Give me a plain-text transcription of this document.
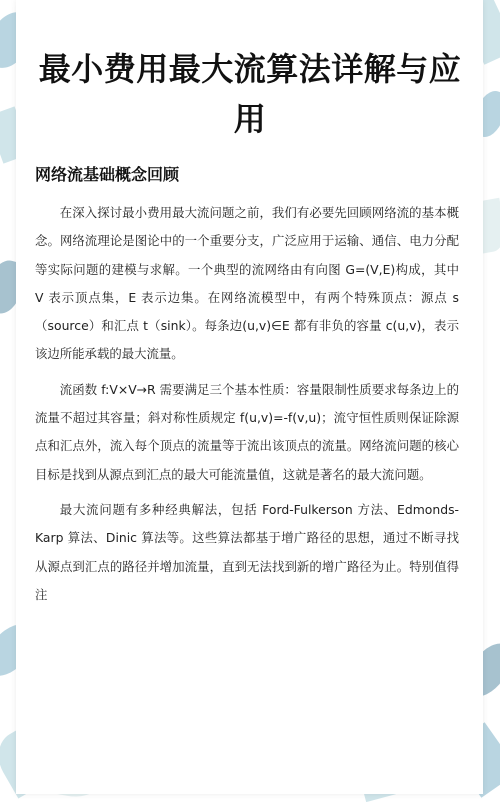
最小费用最大流算法详解与应用
网络流基础概念回顾

在深入探讨最小费用最大流问题之前，我们有必要先回顾网络流的基本概念。网络流理论是图论中的一个重要分支，广泛应用于运输、通信、电力分配等实际问题的建模与求解。一个典型的流网络由有向图 G=(V,E)构成，其中 V 表示顶点集，E 表示边集。在网络流模型中，有两个特殊顶点：源点 s（source）和汇点 t（sink）。每条边(u,v)∈E 都有非负的容量 c(u,v)，表示该边所能承载的最大流量。

流函数 f:V×V→R 需要满足三个基本性质：容量限制性质要求每条边上的流量不超过其容量；斜对称性质规定 f(u,v)=-f(v,u)；流守恒性质则保证除源点和汇点外，流入每个顶点的流量等于流出该顶点的流量。网络流问题的核心目标是找到从源点到汇点的最大可能流量值，这就是著名的最大流问题。

最大流问题有多种经典解法，包括 Ford-Fulkerson 方法、Edmonds-Karp 算法、Dinic 算法等。这些算法都基于增广路径的思想，通过不断寻找从源点到汇点的路径并增加流量，直到无法找到新的增广路径为止。特别值得注
